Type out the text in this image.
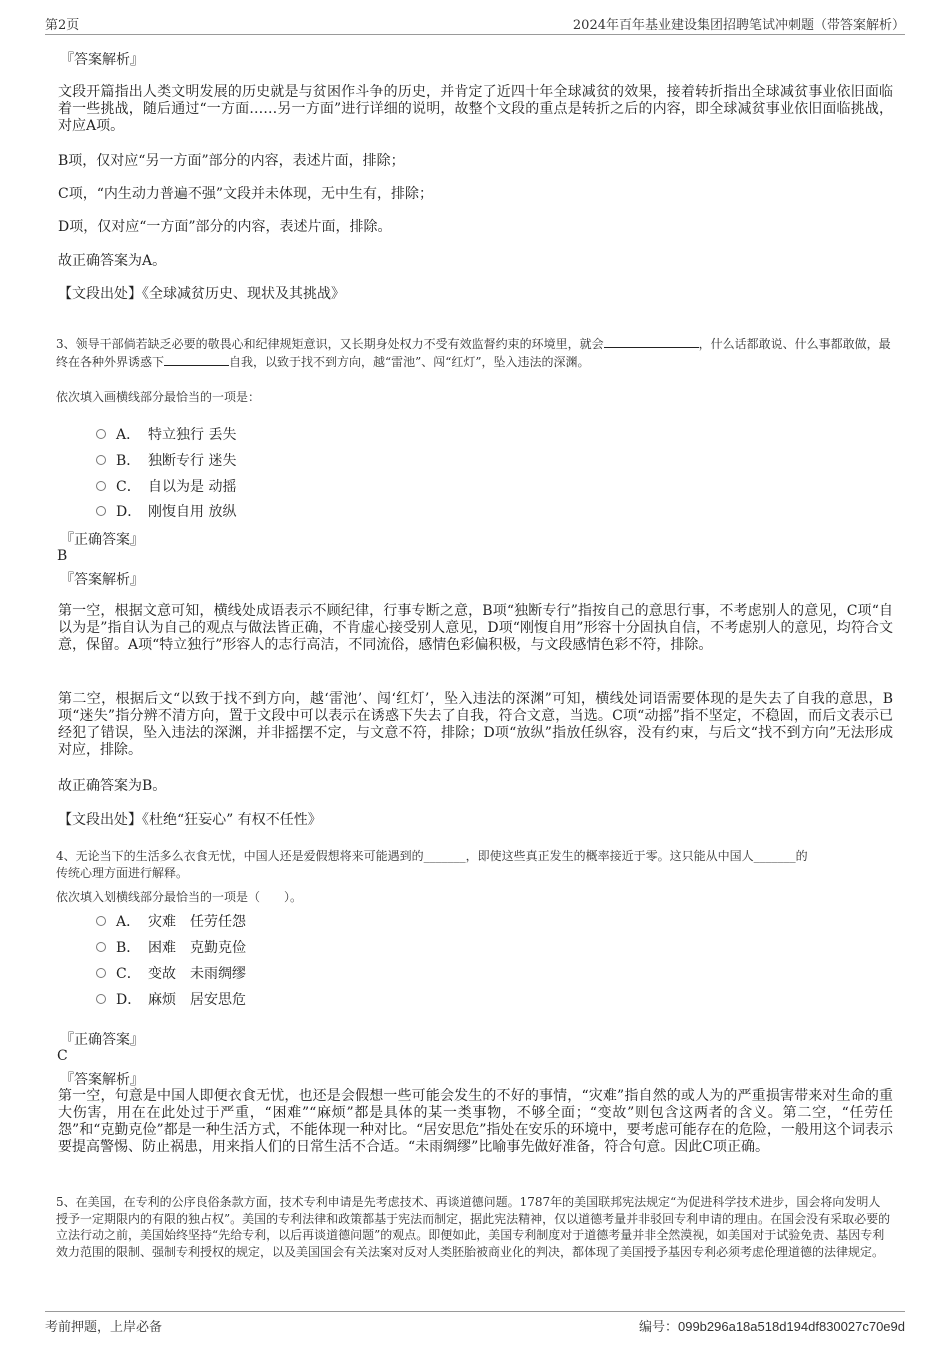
第2页	2024年百年基业建设集团招聘笔试冲刺题（带答案解析）
『答案解析』
文段开篇指出人类文明发展的历史就是与贫困作斗争的历史，并肯定了近四十年全球减贫的效果，接着转折指出全球减贫事业依旧面临着一些挑战，随后通过“一方面……另一方面”进行详细的说明，故整个文段的重点是转折之后的内容，即全球减贫事业依旧面临挑战，对应A项。
B项，仅对应“另一方面”部分的内容，表述片面，排除；
C项，“内生动力普遍不强”文段并未体现，无中生有，排除；
D项，仅对应“一方面”部分的内容，表述片面，排除。
故正确答案为A。
【文段出处】《全球减贫历史、现状及其挑战》
3、领导干部倘若缺乏必要的敬畏心和纪律规矩意识，又长期身处权力不受有效监督约束的环境里，就会	，什么话都敢说、什么事都敢做，最终在各种外界诱惑下	自我，以致于找不到方向，越“雷池”、闯“红灯”，坠入违法的深渊。
依次填入画横线部分最恰当的一项是：
A． 特立独行 丢失
B． 独断专行 迷失
C． 自以为是 动摇
D． 刚愎自用 放纵
『正确答案』
B
『答案解析』
第一空，根据文意可知，横线处成语表示不顾纪律，行事专断之意，B项“独断专行”指按自己的意思行事，不考虑别人的意见，C项“自以为是”指自认为自己的观点与做法皆正确，不肯虚心接受别人意见，D项“刚愎自用”形容十分固执自信，不考虑别人的意见，均符合文意，保留。A项“特立独行”形容人的志行高洁，不同流俗，感情色彩偏积极，与文段感情色彩不符，排除。
第二空，根据后文“以致于找不到方向，越‘雷池’、闯‘红灯’，坠入违法的深渊”可知，横线处词语需要体现的是失去了自我的意思，B项“迷失”指分辨不清方向，置于文段中可以表示在诱惑下失去了自我，符合文意，当选。C项“动摇”指不坚定，不稳固，而后文表示已经犯了错误，坠入违法的深渊，并非摇摆不定，与文意不符，排除；D项“放纵”指放任纵容，没有约束，与后文“找不到方向”无法形成对应，排除。
故正确答案为B。
【文段出处】《杜绝“狂妄心” 有权不任性》
4、无论当下的生活多么衣食无忧，中国人还是爱假想将来可能遇到的_______，即使这些真正发生的概率接近于零。这只能从中国人_______的
传统心理方面进行解释。
依次填入划横线部分最恰当的一项是（　　）。
A． 灾难　任劳任怨
B． 困难　克勤克俭
C． 变故　未雨绸缪
D． 麻烦　居安思危
『正确答案』
C
『答案解析』
第一空，句意是中国人即便衣食无忧，也还是会假想一些可能会发生的不好的事情，“灾难”指自然的或人为的严重损害带来对生命的重大伤害，用在在此处过于严重，“困难”“麻烦”都是具体的某一类事物，不够全面；“变故”则包含这两者的含义。第二空，“任劳任怨”和“克勤克俭”都是一种生活方式，不能体现一种对比。“居安思危”指处在安乐的环境中，要考虑可能存在的危险，一般用这个词表示要提高警惕、防止祸患，用来指人们的日常生活不合适。“未雨绸缪”比喻事先做好准备，符合句意。因此C项正确。
5、在美国，在专利的公序良俗条款方面，技术专利申请是先考虑技术、再谈道德问题。1787年的美国联邦宪法规定“为促进科学技术进步，国会将向发明人授予一定期限内的有限的独占权”。美国的专利法律和政策都基于宪法而制定，据此宪法精神，仅以道德考量并非驳回专利申请的理由。在国会没有采取必要的立法行动之前，美国始终坚持“先给专利，以后再谈道德问题”的观点。即便如此，美国专利制度对于道德考量并非全然漠视，如美国对于试验免责、基因专利效力范围的限制、强制专利授权的规定，以及美国国会有关法案对反对人类胚胎被商业化的判决，都体现了美国授予基因专利必须考虑伦理道德的法律规定。
考前押题，上岸必备	编号：099b296a18a518d194df830027c70e9d
